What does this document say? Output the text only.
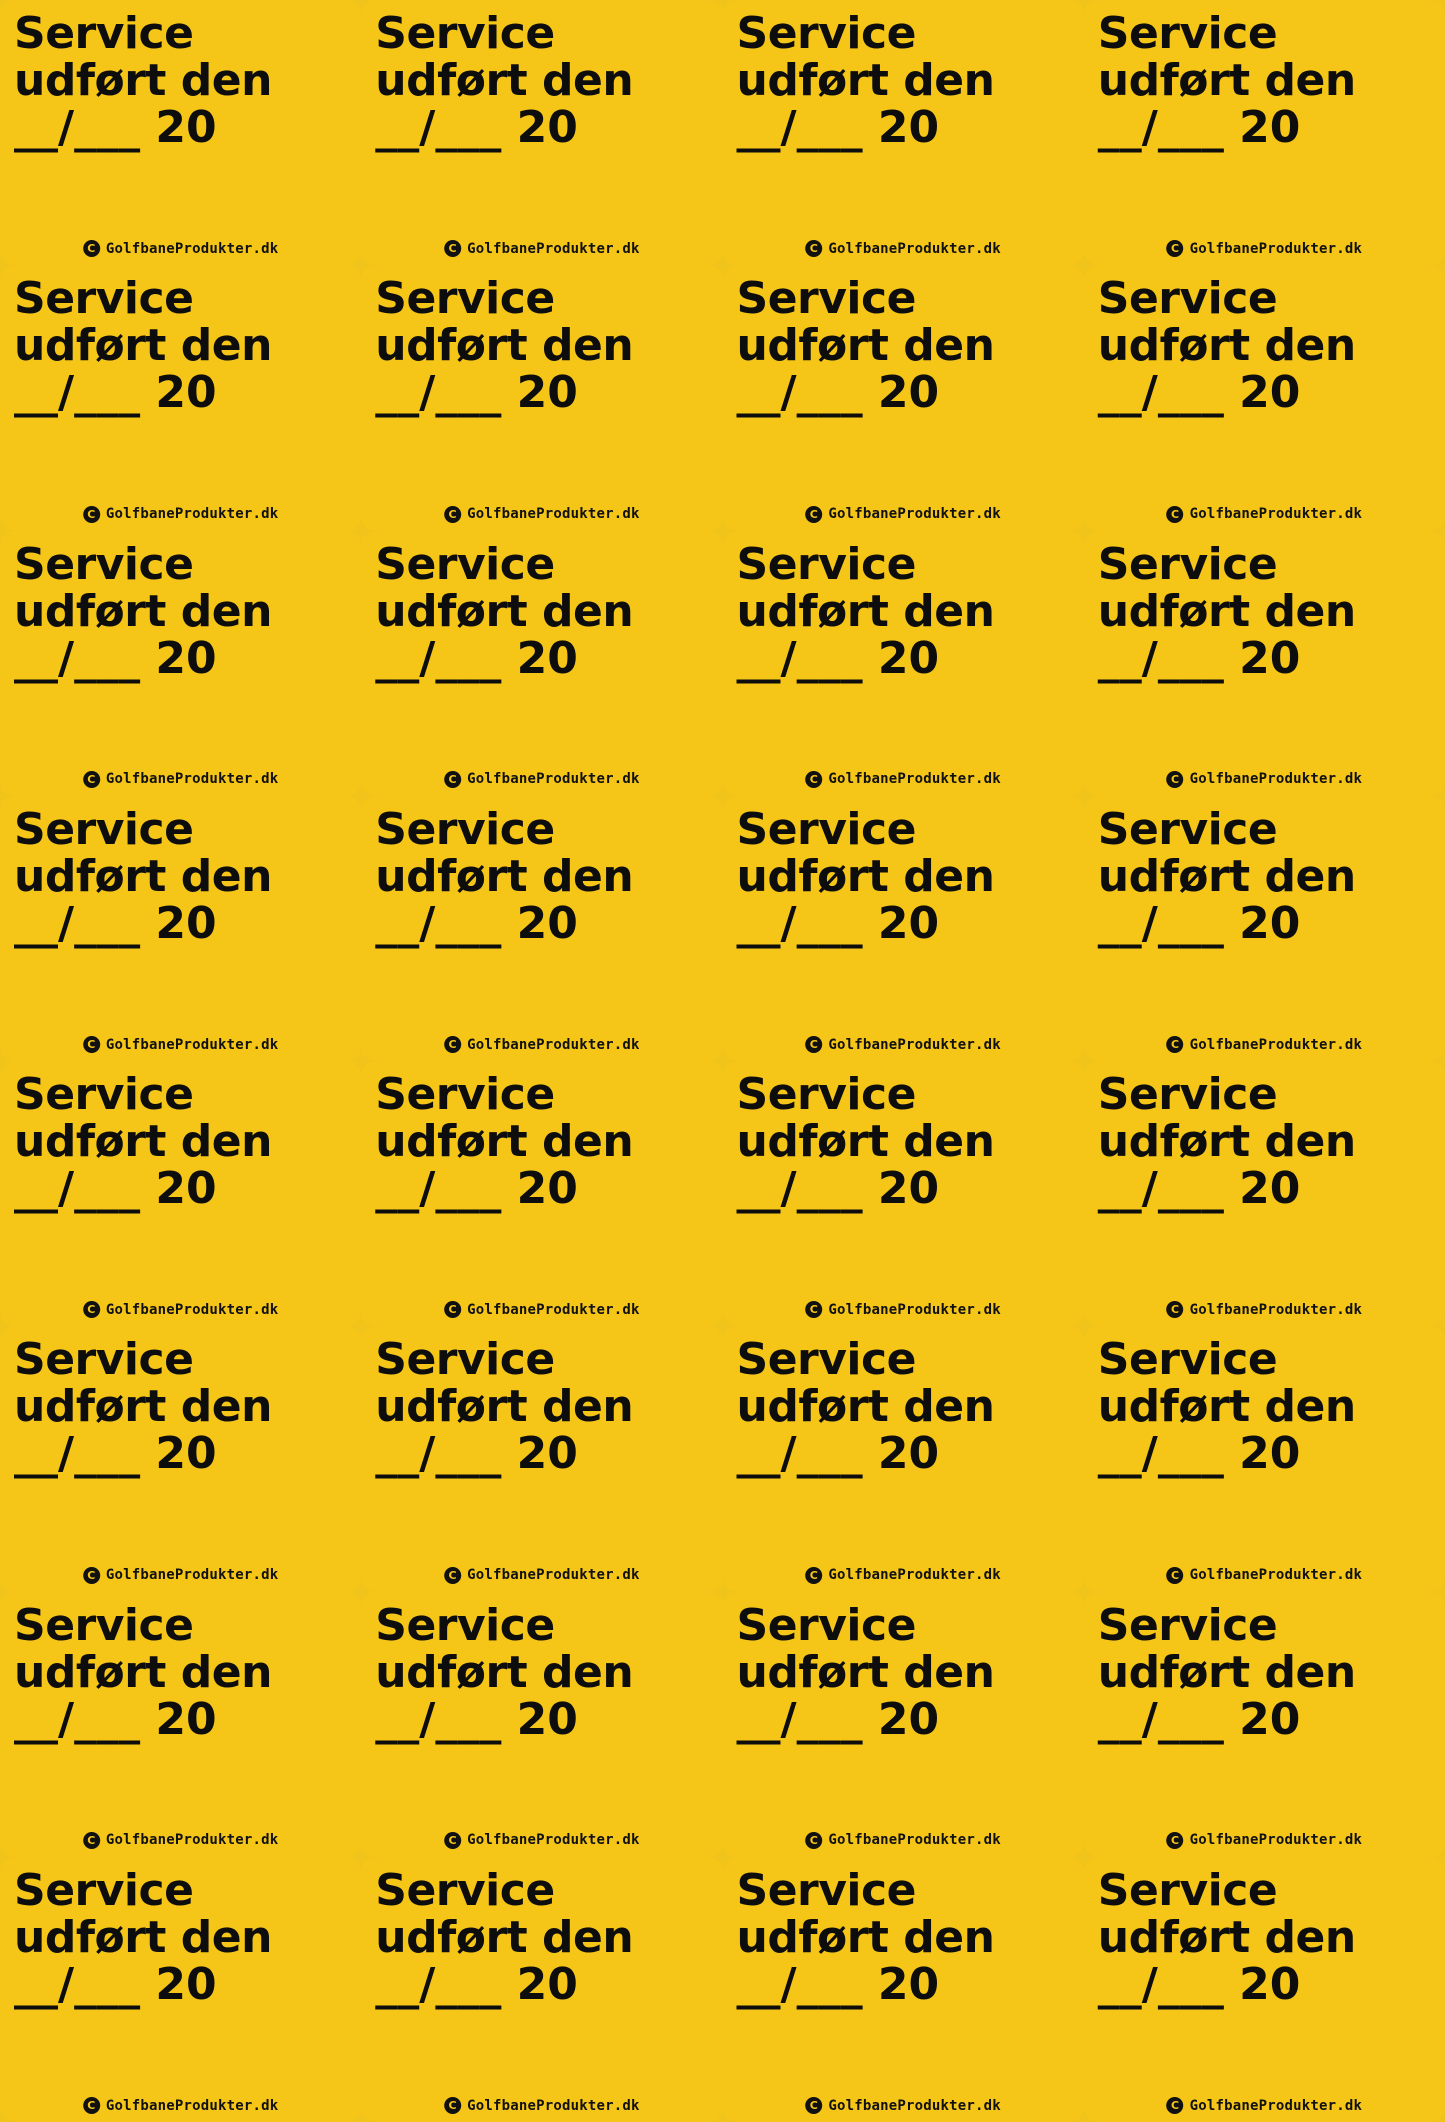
Service
udført den
__/___ 20
C GolfbaneProdukter.dk
Service
udført den
__/___ 20
C GolfbaneProdukter.dk
Service
udført den
__/___ 20
C GolfbaneProdukter.dk
Service
udført den
__/___ 20
C GolfbaneProdukter.dk
Service
udført den
__/___ 20
C GolfbaneProdukter.dk
Service
udført den
__/___ 20
C GolfbaneProdukter.dk
Service
udført den
__/___ 20
C GolfbaneProdukter.dk
Service
udført den
__/___ 20
C GolfbaneProdukter.dk
Service
udført den
__/___ 20
C GolfbaneProdukter.dk
Service
udført den
__/___ 20
C GolfbaneProdukter.dk
Service
udført den
__/___ 20
C GolfbaneProdukter.dk
Service
udført den
__/___ 20
C GolfbaneProdukter.dk
Service
udført den
__/___ 20
C GolfbaneProdukter.dk
Service
udført den
__/___ 20
C GolfbaneProdukter.dk
Service
udført den
__/___ 20
C GolfbaneProdukter.dk
Service
udført den
__/___ 20
C GolfbaneProdukter.dk
Service
udført den
__/___ 20
C GolfbaneProdukter.dk
Service
udført den
__/___ 20
C GolfbaneProdukter.dk
Service
udført den
__/___ 20
C GolfbaneProdukter.dk
Service
udført den
__/___ 20
C GolfbaneProdukter.dk
Service
udført den
__/___ 20
C GolfbaneProdukter.dk
Service
udført den
__/___ 20
C GolfbaneProdukter.dk
Service
udført den
__/___ 20
C GolfbaneProdukter.dk
Service
udført den
__/___ 20
C GolfbaneProdukter.dk
Service
udført den
__/___ 20
C GolfbaneProdukter.dk
Service
udført den
__/___ 20
C GolfbaneProdukter.dk
Service
udført den
__/___ 20
C GolfbaneProdukter.dk
Service
udført den
__/___ 20
C GolfbaneProdukter.dk
Service
udført den
__/___ 20
C GolfbaneProdukter.dk
Service
udført den
__/___ 20
C GolfbaneProdukter.dk
Service
udført den
__/___ 20
C GolfbaneProdukter.dk
Service
udført den
__/___ 20
C GolfbaneProdukter.dk
